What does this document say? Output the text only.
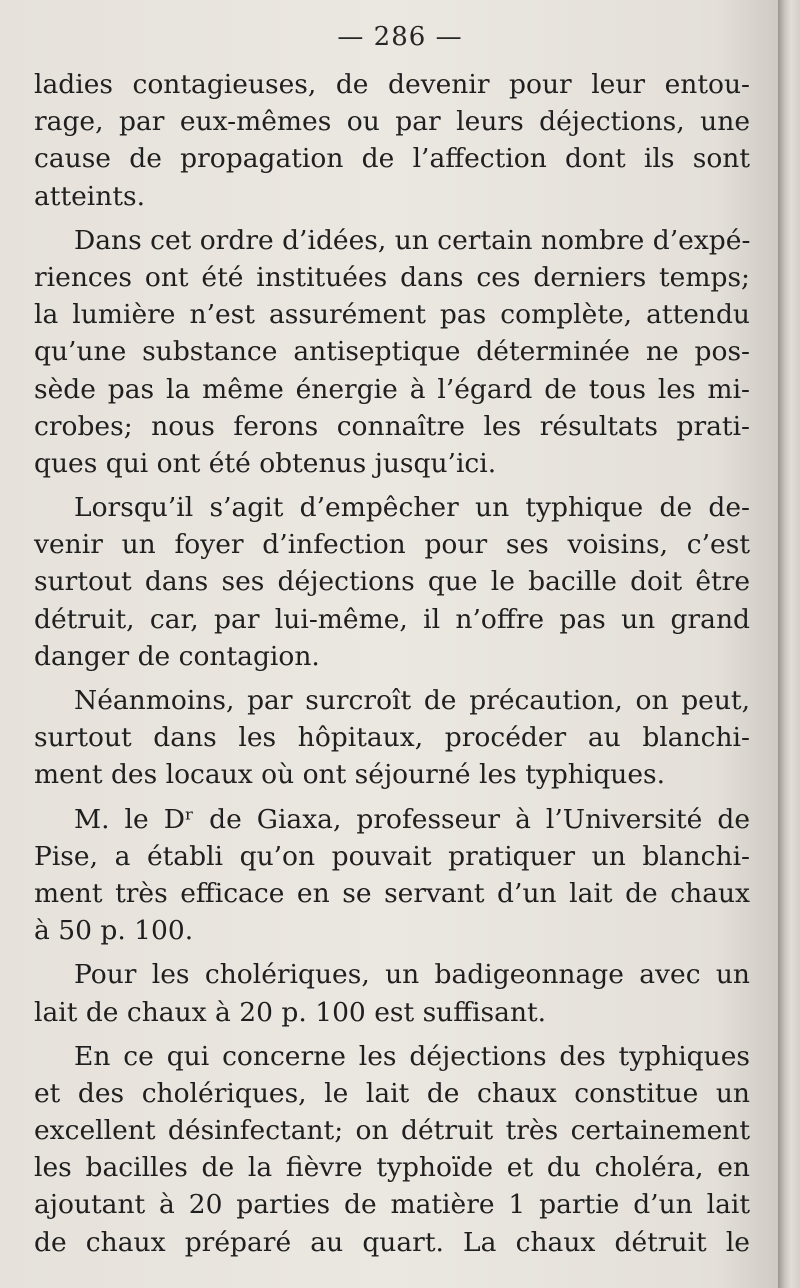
— 286 —
ladies contagieuses, de devenir pour leur entou-
rage, par eux-mêmes ou par leurs déjections, une
cause de propagation de l’affection dont ils sont
atteints.
Dans cet ordre d’idées, un certain nombre d’expé-
riences ont été instituées dans ces derniers temps;
la lumière n’est assurément pas complète, attendu
qu’une substance antiseptique déterminée ne pos-
sède pas la même énergie à l’égard de tous les mi-
crobes; nous ferons connaître les résultats prati-
ques qui ont été obtenus jusqu’ici.
Lorsqu’il s’agit d’empêcher un typhique de de-
venir un foyer d’infection pour ses voisins, c’est
surtout dans ses déjections que le bacille doit être
détruit, car, par lui-même, il n’offre pas un grand
danger de contagion.
Néanmoins, par surcroît de précaution, on peut,
surtout dans les hôpitaux, procéder au blanchi-
ment des locaux où ont séjourné les typhiques.
M. le Dʳ de Giaxa, professeur à l’Université de
Pise, a établi qu’on pouvait pratiquer un blanchi-
ment très efficace en se servant d’un lait de chaux
à 50 p. 100.
Pour les cholériques, un badigeonnage avec un
lait de chaux à 20 p. 100 est suffisant.
En ce qui concerne les déjections des typhiques
et des cholériques, le lait de chaux constitue un
excellent désinfectant; on détruit très certainement
les bacilles de la fièvre typhoïde et du choléra, en
ajoutant à 20 parties de matière 1 partie d’un lait
de chaux préparé au quart. La chaux détruit le
